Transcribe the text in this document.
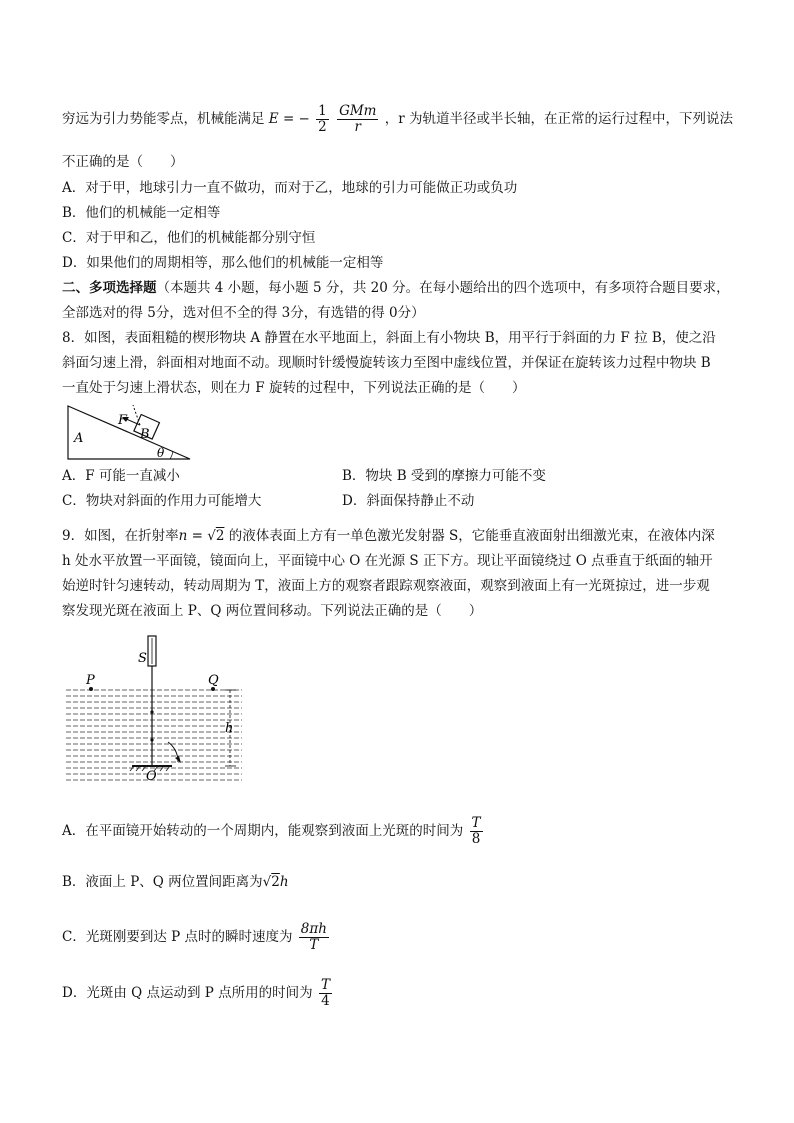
穷远为引力势能零点，机械能满足 E = − $\frac{1}{2}$
$\frac{\text{GMm}}{r}$ ，r 为轨道半径或半长轴，在正常的运行过程中，下列说法
不正确的是（　　）
A．对于甲，地球引力一直不做功，而对于乙，地球的引力可能做正功或负功
B．他们的机械能一定相等
C．对于甲和乙，他们的机械能都分别守恒
D．如果他们的周期相等，那么他们的机械能一定相等
二、多项选择题（本题共 4 小题，每小题 5 分，共 20 分。在每小题给出的四个选项中，有多项符合题目要求，
全部选对的得 5分，选对但不全的得 3分，有选错的得 0分）
8．如图，表面粗糙的楔形物块 A 静置在水平地面上，斜面上有小物块 B，用平行于斜面的力 F 拉 B，使之沿
斜面匀速上滑，斜面相对地面不动。现顺时针缓慢旋转该力至图中虚线位置，并保证在旋转该力过程中物块 B
一直处于匀速上滑状态，则在力 F 旋转的过程中，下列说法正确的是（　　）
A	B
F
θ
A．F 可能一直减小	B．物块 B 受到的摩擦力可能不变
C．物块对斜面的作用力可能增大	D．斜面保持静止不动
9．如图，在折射率n = √2 的液体表面上方有一单色激光发射器 S，它能垂直液面射出细激光束，在液体内深
h 处水平放置一平面镜，镜面向上，平面镜中心 O 在光源 S 正下方。现让平面镜绕过 O 点垂直于纸面的轴开
始逆时针匀速转动，转动周期为 T，液面上方的观察者跟踪观察液面，观察到液面上有一光斑掠过，进一步观
察发现光斑在液面上 P、Q 两位置间移动。下列说法正确的是（　　）
S
P	Q
h
O
A．在平面镜开始转动的一个周期内，能观察到液面上光斑的时间为 $\frac{T}{8}$
B．液面上 P、Q 两位置间距离为√2h
C．光斑刚要到达 P 点时的瞬时速度为 $\frac{8\pi h}{T}$
D．光斑由 Q 点运动到 P 点所用的时间为 $\frac{T}{4}$
